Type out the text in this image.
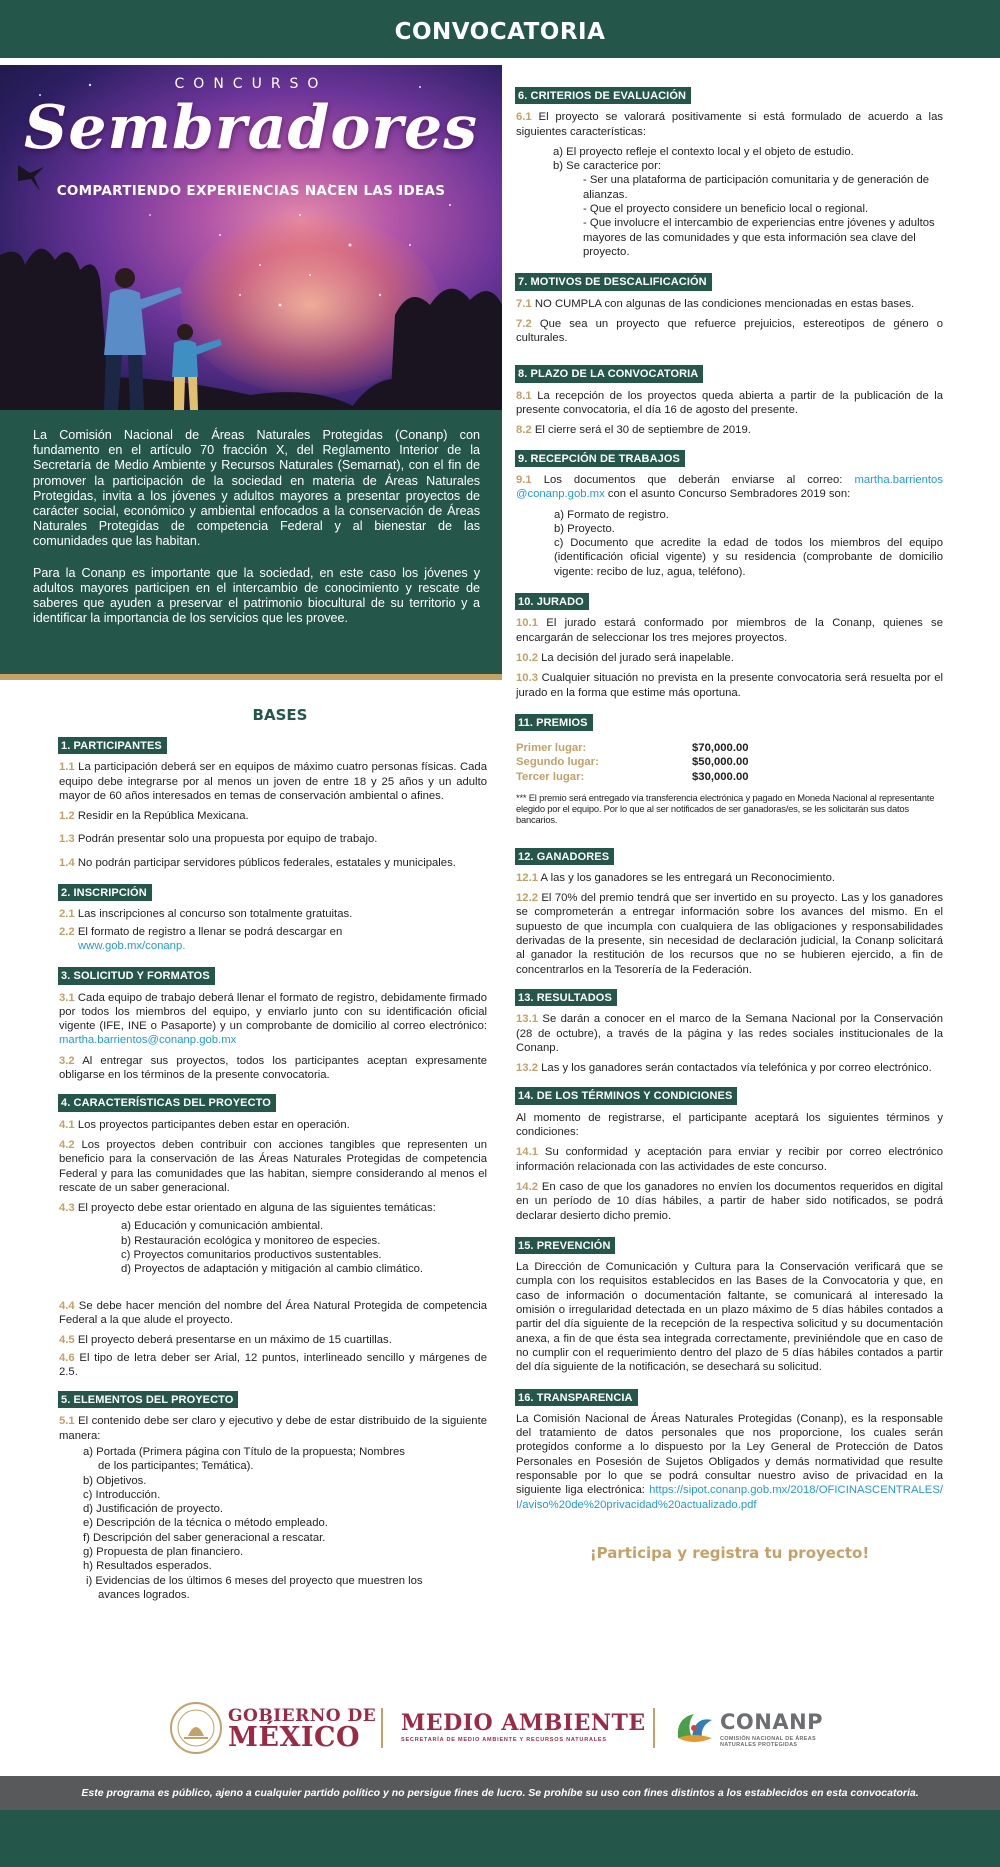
CONVOCATORIA
CONCURSO
Sembradores
COMPARTIENDO EXPERIENCIAS NACEN LAS IDEAS

La Comisión Nacional de Áreas Naturales Protegidas (Conanp) con fundamento en el artículo 70 fracción X, del Reglamento Interior de la Secretaría de Medio Ambiente y Recursos Naturales (Semarnat), con el fin de promover la participación de la sociedad en materia de Áreas Naturales Protegidas, invita a los jóvenes y adultos mayores a presentar proyectos de carácter social, económico y ambiental enfocados a la conservación de Áreas Naturales Protegidas de competencia Federal y al bienestar de las comunidades que las habitan.

Para la Conanp es importante que la sociedad, en este caso los jóvenes y adultos mayores participen en el intercambio de conocimiento y rescate de saberes que ayuden a preservar el patrimonio biocultural de su territorio y a identificar la importancia de los servicios que les provee.

BASES
1. PARTICIPANTES
1.1 La participación deberá ser en equipos de máximo cuatro personas físicas. Cada equipo debe integrarse por al menos un joven de entre 18 y 25 años y un adulto mayor de 60 años interesados en temas de conservación ambiental o afines.
1.2 Residir en la República Mexicana.
1.3 Podrán presentar solo una propuesta por equipo de trabajo.
1.4 No podrán participar servidores públicos federales, estatales y municipales.
2. INSCRIPCIÓN
2.1 Las inscripciones al concurso son totalmente gratuitas.
2.2 El formato de registro a llenar se podrá descargar en
www.gob.mx/conanp.
3. SOLICITUD Y FORMATOS
3.1 Cada equipo de trabajo deberá llenar el formato de registro, debidamente firmado por todos los miembros del equipo, y enviarlo junto con su identificación oficial vigente (IFE, INE o Pasaporte) y un comprobante de domicilio al correo electrónico: martha.barrientos@conanp.gob.mx
3.2 Al entregar sus proyectos, todos los participantes aceptan expresamente obligarse en los términos de la presente convocatoria.
4. CARACTERÍSTICAS DEL PROYECTO
4.1 Los proyectos participantes deben estar en operación.
4.2 Los proyectos deben contribuir con acciones tangibles que representen un beneficio para la conservación de las Áreas Naturales Protegidas de competencia Federal y para las comunidades que las habitan, siempre considerando al menos el rescate de un saber generacional.
4.3 El proyecto debe estar orientado en alguna de las siguientes temáticas:
a) Educación y comunicación ambiental.
b) Restauración ecológica y monitoreo de especies.
c) Proyectos comunitarios productivos sustentables.
d) Proyectos de adaptación y mitigación al cambio climático.
4.4 Se debe hacer mención del nombre del Área Natural Protegida de competencia Federal a la que alude el proyecto.
4.5 El proyecto deberá presentarse en un máximo de 15 cuartillas.
4.6 El tipo de letra deber ser Arial, 12 puntos, interlineado sencillo y márgenes de 2.5.
5. ELEMENTOS DEL PROYECTO
5.1 El contenido debe ser claro y ejecutivo y debe de estar distribuido de la siguiente manera:
a) Portada (Primera página con Título de la propuesta; Nombres
de los participantes; Temática).
b) Objetivos.
c) Introducción.
d) Justificación de proyecto.
e) Descripción de la técnica o método empleado.
f) Descripción del saber generacional a rescatar.
g) Propuesta de plan financiero.
h) Resultados esperados.
i) Evidencias de los últimos 6 meses del proyecto que muestren los
avances logrados.
6. CRITERIOS DE EVALUACIÓN
6.1 El proyecto se valorará positivamente si está formulado de acuerdo a las siguientes características:
a) El proyecto refleje el contexto local y el objeto de estudio.
b) Se caracterice por:
- Ser una plataforma de participación comunitaria y de generación de alianzas.
- Que el proyecto considere un beneficio local o regional.
- Que involucre el intercambio de experiencias entre jóvenes y adultos mayores de las comunidades y que esta información sea clave del proyecto.
7. MOTIVOS DE DESCALIFICACIÓN
7.1 NO CUMPLA con algunas de las condiciones mencionadas en estas bases.
7.2 Que sea un proyecto que refuerce prejuicios, estereotipos de género o culturales.
8. PLAZO DE LA CONVOCATORIA
8.1 La recepción de los proyectos queda abierta a partir de la publicación de la presente convocatoria, el día 16 de agosto del presente.
8.2 El cierre será el 30 de septiembre de 2019.
9. RECEPCIÓN DE TRABAJOS
9.1 Los documentos que deberán enviarse al correo: martha.barrientos @conanp.gob.mx con el asunto Concurso Sembradores 2019 son:
a) Formato de registro.
b) Proyecto.
c) Documento que acredite la edad de todos los miembros del equipo (identificación oficial vigente) y su residencia (comprobante de domicilio vigente: recibo de luz, agua, teléfono).
10. JURADO
10.1 El jurado estará conformado por miembros de la Conanp, quienes se encargarán de seleccionar los tres mejores proyectos.
10.2 La decisión del jurado será inapelable.
10.3 Cualquier situación no prevista en la presente convocatoria será resuelta por el jurado en la forma que estime más oportuna.
11. PREMIOS
Primer lugar:	$70,000.00
Segundo lugar:	$50,000.00
Tercer lugar:	$30,000.00
*** El premio será entregado vía transferencia electrónica y pagado en Moneda Nacional al representante elegido por el equipo. Por lo que al ser notificados de ser ganadoras/es, se les solicitarán sus datos bancarios.
12. GANADORES
12.1 A las y los ganadores se les entregará un Reconocimiento.
12.2 El 70% del premio tendrá que ser invertido en su proyecto. Las y los ganadores se comprometerán a entregar información sobre los avances del mismo. En el supuesto de que incumpla con cualquiera de las obligaciones y responsabilidades derivadas de la presente, sin necesidad de declaración judicial, la Conanp solicitará al ganador la restitución de los recursos que no se hubieren ejercido, a fin de concentrarlos en la Tesorería de la Federación.
13. RESULTADOS
13.1 Se darán a conocer en el marco de la Semana Nacional por la Conservación (28 de octubre), a través de la página y las redes sociales institucionales de la Conanp.
13.2 Las y los ganadores serán contactados vía telefónica y por correo electrónico.
14. DE LOS TÉRMINOS Y CONDICIONES
Al momento de registrarse, el participante aceptará los siguientes términos y condiciones:
14.1 Su conformidad y aceptación para enviar y recibir por correo electrónico información relacionada con las actividades de este concurso.
14.2 En caso de que los ganadores no envíen los documentos requeridos en digital en un período de 10 días hábiles, a partir de haber sido notificados, se podrá declarar desierto dicho premio.
15. PREVENCIÓN
La Dirección de Comunicación y Cultura para la Conservación verificará que se cumpla con los requisitos establecidos en las Bases de la Convocatoria y que, en caso de información o documentación faltante, se comunicará al interesado la omisión o irregularidad detectada en un plazo máximo de 5 días hábiles contados a partir del día siguiente de la recepción de la respectiva solicitud y su documentación anexa, a fin de que ésta sea integrada correctamente, previniéndole que en caso de no cumplir con el requerimiento dentro del plazo de 5 días hábiles contados a partir del día siguiente de la notificación, se desechará su solicitud.
16. TRANSPARENCIA
La Comisión Nacional de Áreas Naturales Protegidas (Conanp), es la responsable del tratamiento de datos personales que nos proporcione, los cuales serán protegidos conforme a lo dispuesto por la Ley General de Protección de Datos Personales en Posesión de Sujetos Obligados y demás normatividad que resulte responsable por lo que se podrá consultar nuestro aviso de privacidad en la siguiente liga electrónica: https://sipot.conanp.gob.mx/2018/OFICINASCENTRALES/I/aviso%20de%20privacidad%20actualizado.pdf
¡Participa y registra tu proyecto!
GOBIERNO DE
MÉXICO	MEDIO AMBIENTE
SECRETARÍA DE MEDIO AMBIENTE Y RECURSOS NATURALES
CONANP
COMISIÓN NACIONAL DE ÁREAS
NATURALES PROTEGIDAS
Este programa es público, ajeno a cualquier partido político y no persigue fines de lucro. Se prohíbe su uso con fines distintos a los establecidos en esta convocatoria.
